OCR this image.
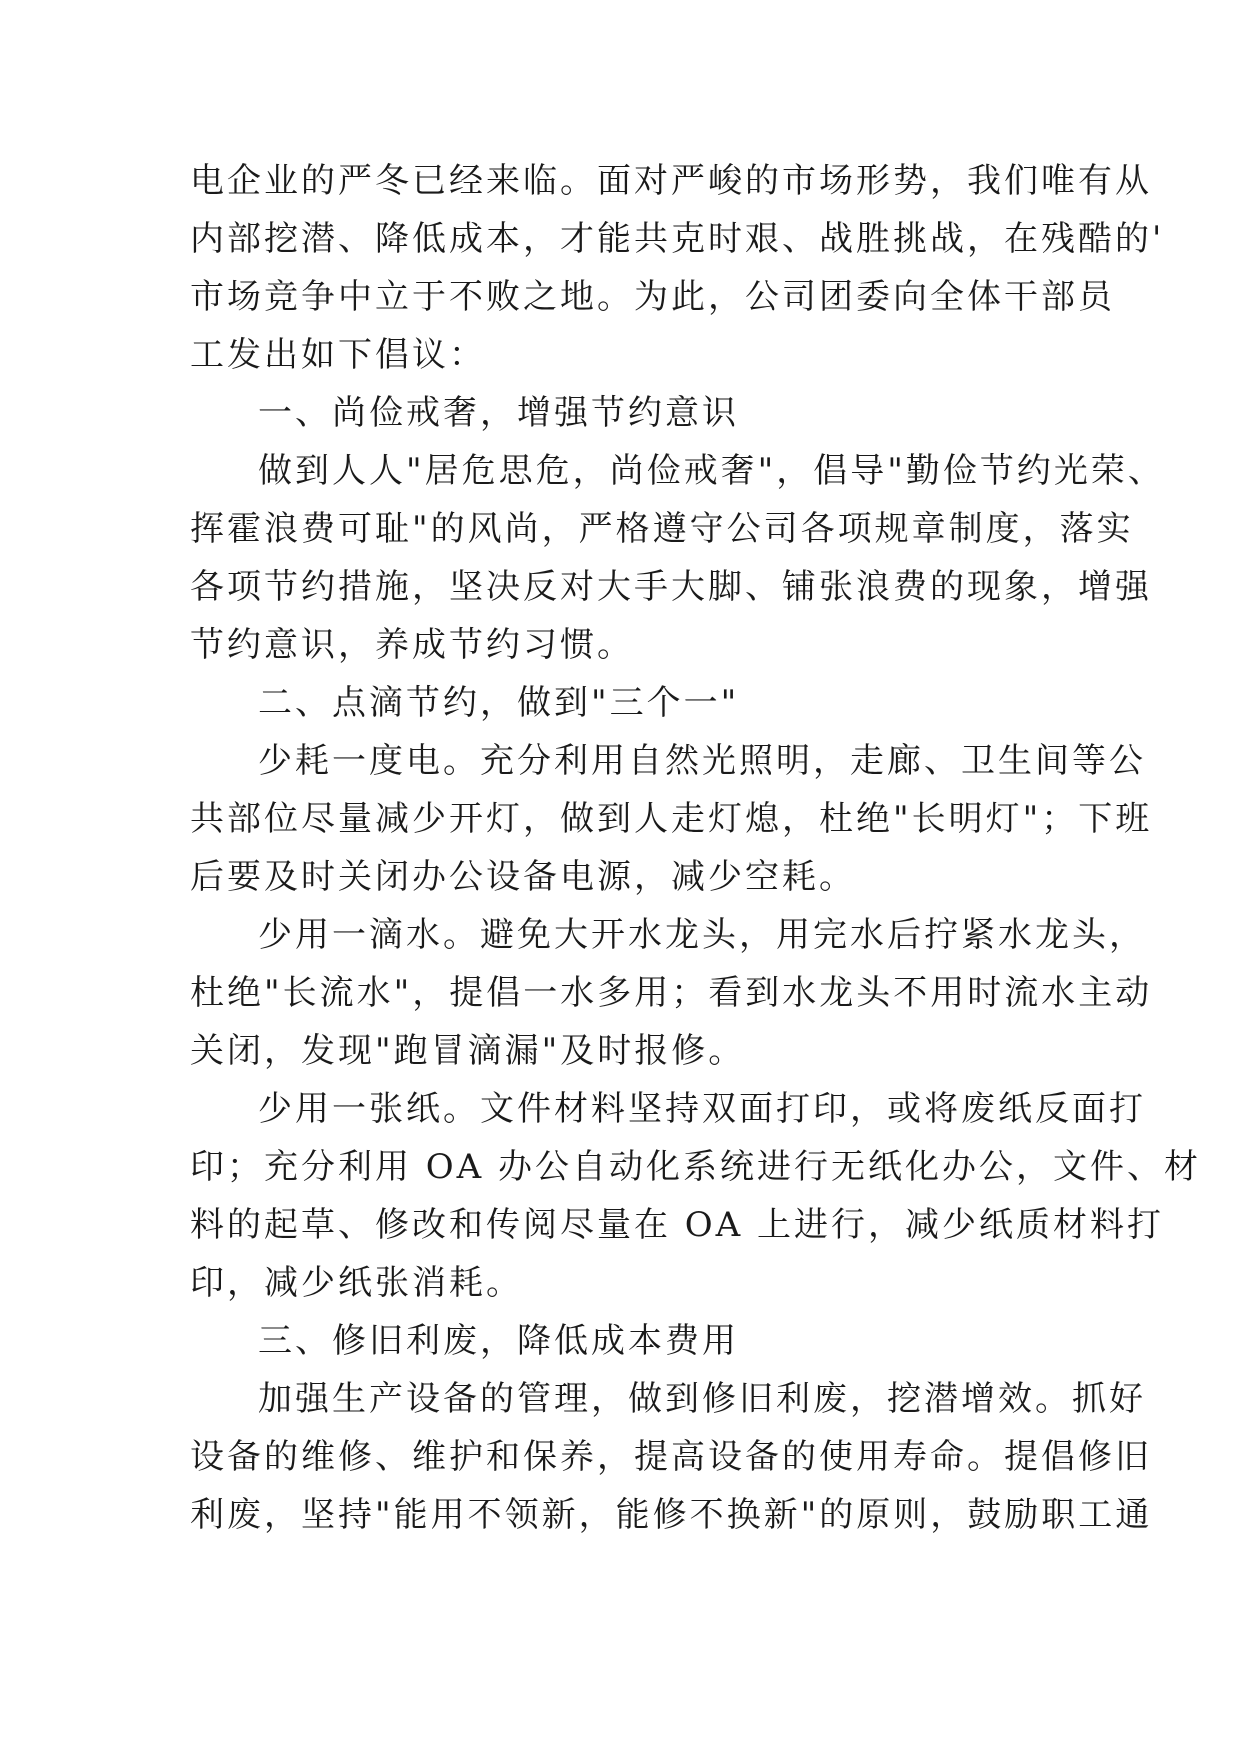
电企业的严冬已经来临。面对严峻的市场形势，我们唯有从
内部挖潜、降低成本，才能共克时艰、战胜挑战，在残酷的'
市场竞争中立于不败之地。为此，公司团委向全体干部员
工发出如下倡议：
一、尚俭戒奢，增强节约意识
做到人人"居危思危，尚俭戒奢"，倡导"勤俭节约光荣、
挥霍浪费可耻"的风尚，严格遵守公司各项规章制度，落实
各项节约措施，坚决反对大手大脚、铺张浪费的现象，增强
节约意识，养成节约习惯。
二、点滴节约，做到"三个一"
少耗一度电。充分利用自然光照明，走廊、卫生间等公
共部位尽量减少开灯，做到人走灯熄，杜绝"长明灯"；下班
后要及时关闭办公设备电源，减少空耗。
少用一滴水。避免大开水龙头，用完水后拧紧水龙头，
杜绝"长流水"，提倡一水多用；看到水龙头不用时流水主动
关闭，发现"跑冒滴漏"及时报修。
少用一张纸。文件材料坚持双面打印，或将废纸反面打
印；充分利用 OA 办公自动化系统进行无纸化办公，文件、材
料的起草、修改和传阅尽量在 OA 上进行，减少纸质材料打
印，减少纸张消耗。
三、修旧利废，降低成本费用
加强生产设备的管理，做到修旧利废，挖潜增效。抓好
设备的维修、维护和保养，提高设备的使用寿命。提倡修旧
利废，坚持"能用不领新，能修不换新"的原则，鼓励职工通
